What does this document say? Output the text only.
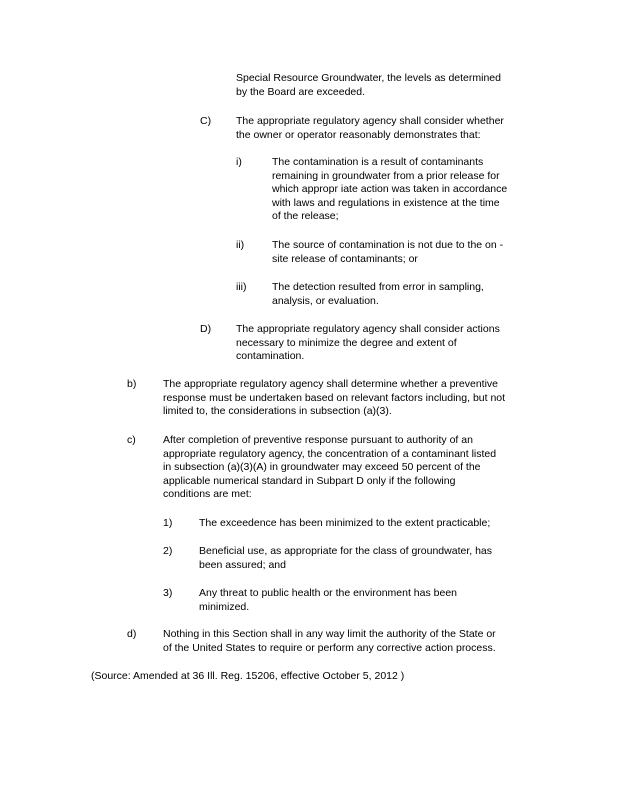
Special Resource Groundwater, the levels as determined
by the Board are exceeded.
C) The appropriate regulatory agency shall consider whether
the owner or operator reasonably demonstrates that:
i)	The contamination is a result of contaminants
remaining in groundwater from a prior release for
which appropr iate action was taken in accordance
with laws and regulations in existence at the time
of the release;
ii)	The source of contamination is not due to the on -
site release of contaminants; or
iii) The detection resulted from error in sampling,
analysis, or evaluation.
D) The appropriate regulatory agency shall consider actions
necessary to minimize the degree and extent of
contamination.
b)	The appropriate regulatory agency shall determine whether a preventive
response must be undertaken based on relevant factors including, but not
limited to, the considerations in subsection (a)(3).
c)	After completion of preventive response pursuant to authority of an
appropriate regulatory agency, the concentration of a contaminant listed
in subsection (a)(3)(A) in groundwater may exceed 50 percent of the
applicable numerical standard in Subpart D only if the following
conditions are met:
1)	The exceedence has been minimized to the extent practicable;
2)	Beneficial use, as appropriate for the class of groundwater, has
been assured; and
3)	Any threat to public health or the environment has been
minimized.
d)	Nothing in this Section shall in any way limit the authority of the State or
of the United States to require or perform any corrective action process.
(Source: Amended at 36 Ill. Reg. 15206, effective October 5, 2012 )
